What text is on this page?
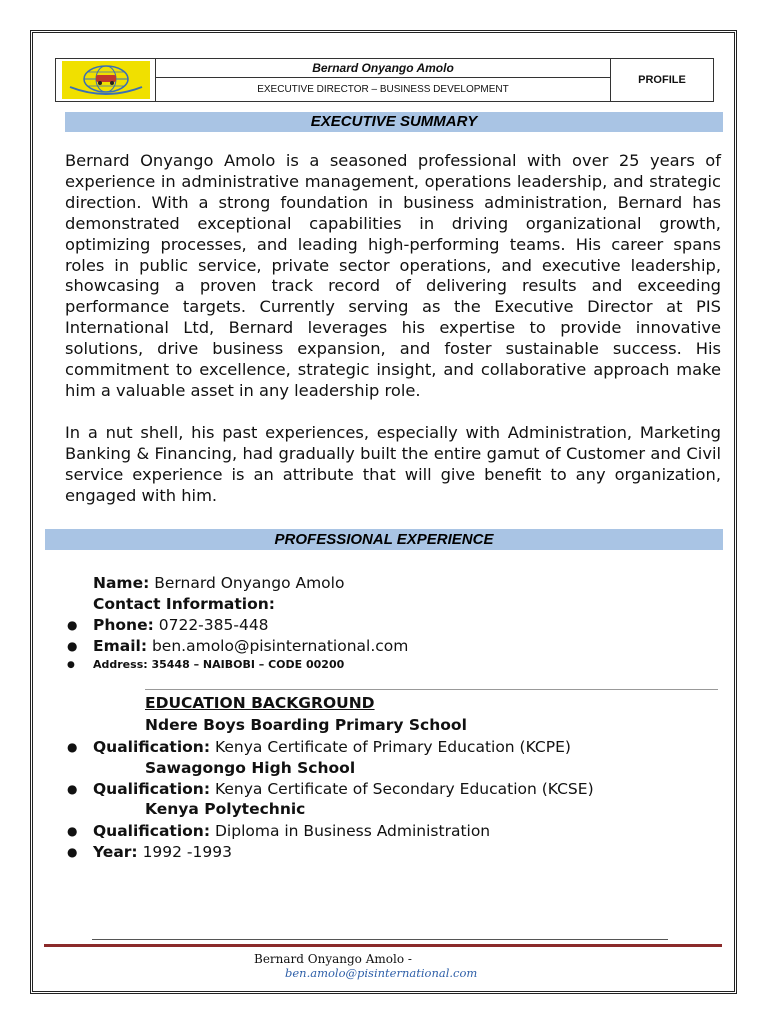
Bernard Onyango Amolo
EXECUTIVE DIRECTOR – BUSINESS DEVELOPMENT
PROFILE
EXECUTIVE SUMMARY
Bernard Onyango Amolo is a seasoned professional with over 25 years of experience in administrative management, operations leadership, and strategic direction. With a strong foundation in business administration, Bernard has demonstrated exceptional capabilities in driving organizational growth, optimizing processes, and leading high-performing teams. His career spans roles in public service, private sector operations, and executive leadership, showcasing a proven track record of delivering results and exceeding performance targets. Currently serving as the Executive Director at PIS International Ltd, Bernard leverages his expertise to provide innovative solutions, drive business expansion, and foster sustainable success. His commitment to excellence, strategic insight, and collaborative approach make him a valuable asset in any leadership role.
In a nut shell, his past experiences, especially with Administration, Marketing Banking & Financing, had gradually built the entire gamut of Customer and Civil service experience is an attribute that will give benefit to any organization, engaged with him.
PROFESSIONAL EXPERIENCE
Name: Bernard Onyango Amolo
Contact Information:
● Phone: 0722-385-448
● Email: ben.amolo@pisinternational.com
● Address: 35448 – NAIBOBI – CODE 00200
EDUCATION BACKGROUND
Ndere Boys Boarding Primary School
● Qualification: Kenya Certificate of Primary Education (KCPE)
Sawagongo High School
● Qualification: Kenya Certificate of Secondary Education (KCSE)
Kenya Polytechnic
● Qualification: Diploma in Business Administration
● Year: 1992 -1993
Bernard Onyango Amolo -
ben.amolo@pisinternational.com
